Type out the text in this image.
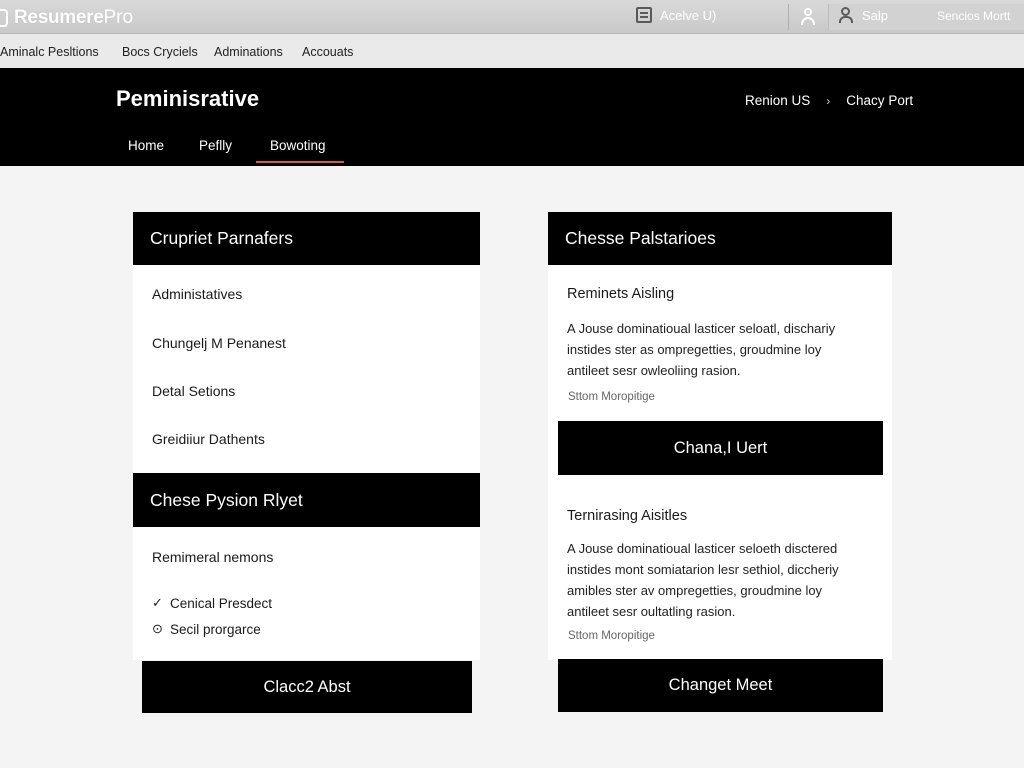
Resumere Pro	Acelve U)	Salp	Sencios Mortt
Aminalc Pesltions Bocs Cryciels Adminations Accouats
Peminisrative	Renion US › Chacy Port
Home	Peflly	Bowoting
Crupriet Parnafers
Administatives
Chungelj M Penanest
Detal Setions
Greidiiur Dathents
Chese Pysion Rlyet
Remimeral nemons
✓ Cenical Presdect
⊙ Secil prorgarce
Clacc2 Abst
Chesse Palstarioes
Reminets Aisling
A Jouse dominatioual lasticer seloatl, dischariy
instides ster as ompregetties, groudmine loy
antileet sesr owleoliing rasion.
Sttom Moropitige
Chana,I Uert
Ternirasing Aisitles
A Jouse dominatioual lasticer seloeth disctered
instides mont somiatarion lesr sethiol, diccheriy
amibles ster av ompregetties, groudmine loy
antileet sesr oultatling rasion.
Sttom Moropitige
Changet Meet
